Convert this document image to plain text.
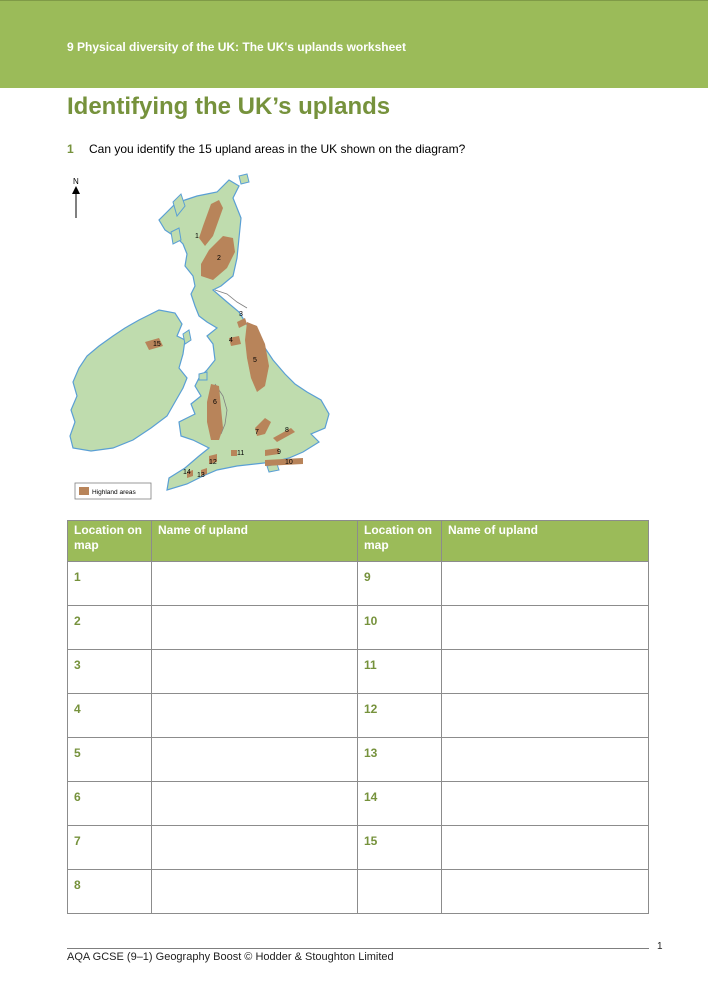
9 Physical diversity of the UK: The UK's uplands worksheet
Identifying the UK’s uplands
1 Can you identify the 15 upland areas in the UK shown on the diagram?
N
1
2
3
4
5
6
7	8
9
10
11
12
13
14
15
Highland areas
Location on map	Name of upland	Location on map	Name of upland
1		9	
2		10	
3		11	
4		12	
5		13	
6		14	
7		15	
8			
AQA GCSE (9–1) Geography Boost © Hodder & Stoughton Limited
1
